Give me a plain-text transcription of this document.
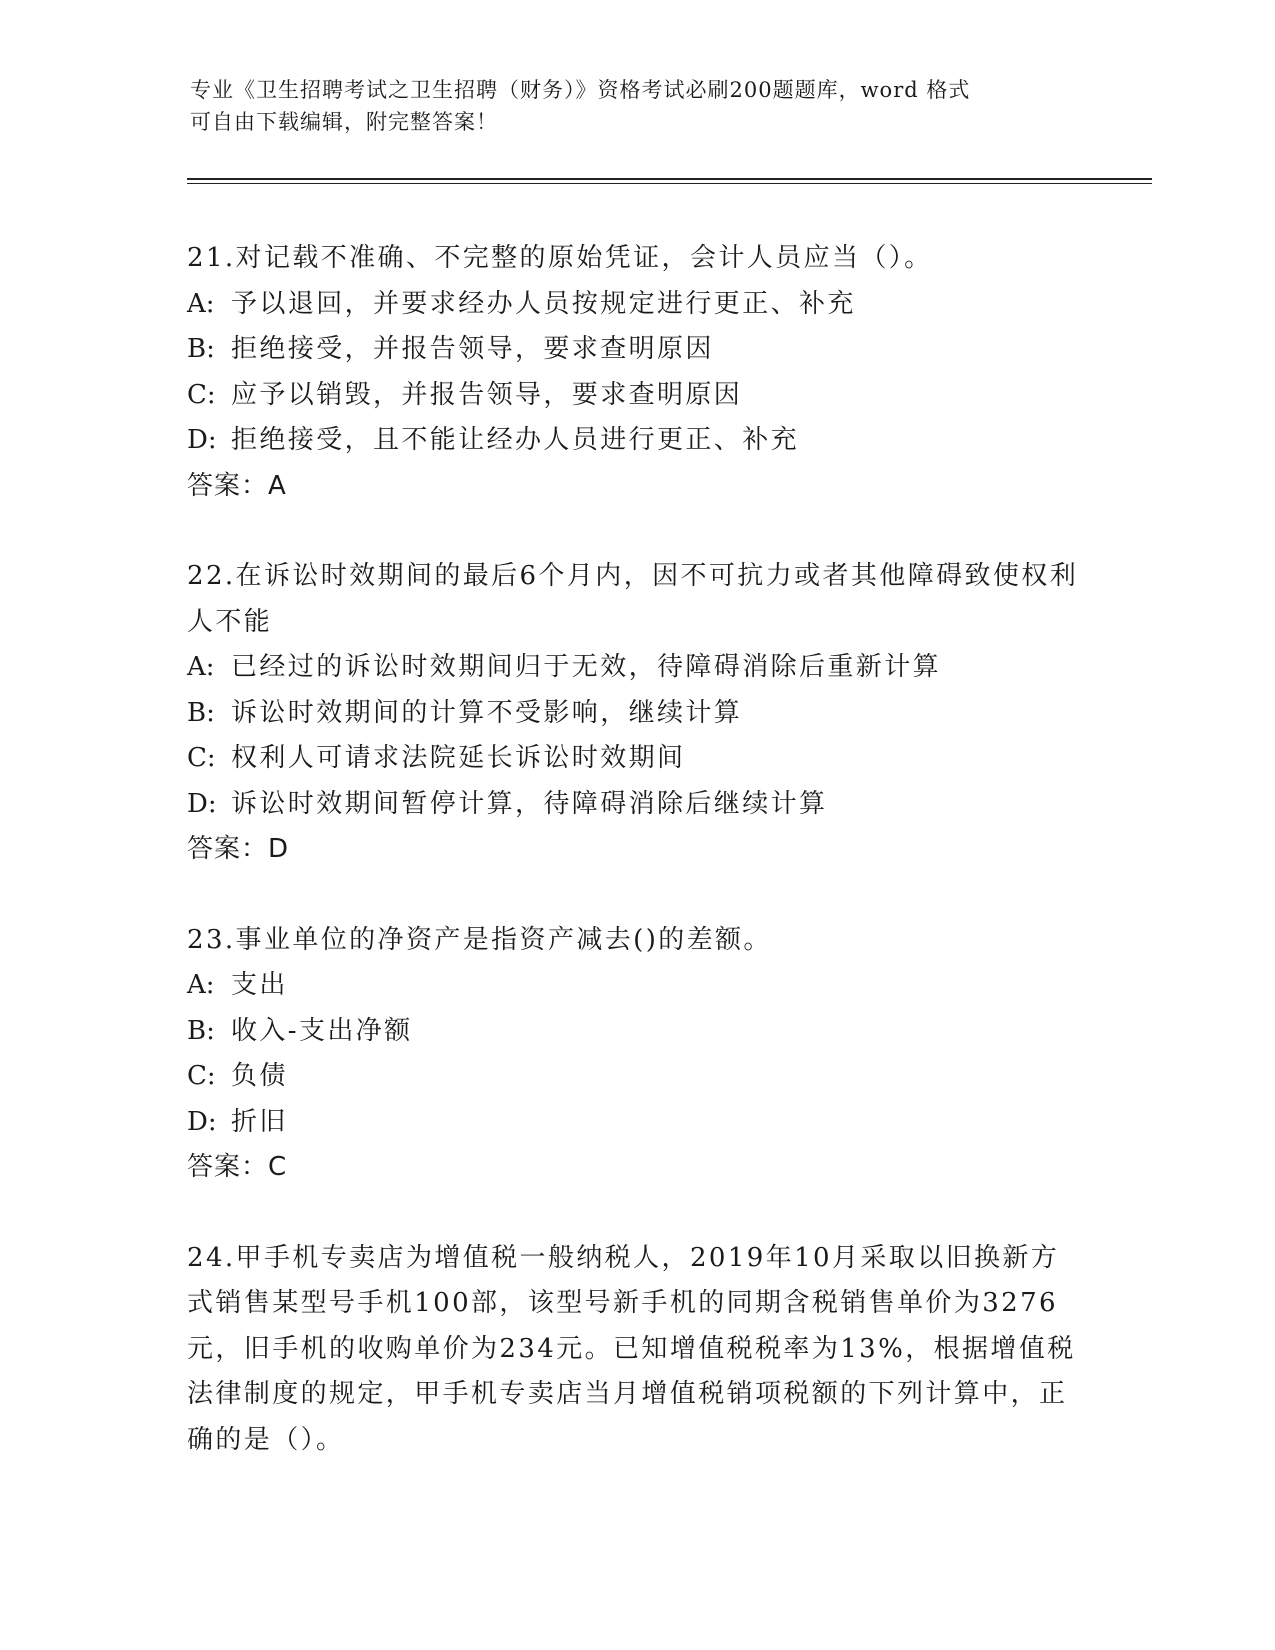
专业《卫生招聘考试之卫生招聘（财务）》资格考试必刷200题题库，word 格式
可自由下载编辑，附完整答案！

21.对记载不准确、不完整的原始凭证，会计人员应当（）。

A: 予以退回，并要求经办人员按规定进行更正、补充

B: 拒绝接受，并报告领导，要求查明原因

C: 应予以销毁，并报告领导，要求查明原因

D: 拒绝接受，且不能让经办人员进行更正、补充

答案：A

22.在诉讼时效期间的最后6个月内，因不可抗力或者其他障碍致使权利人不能

A: 已经过的诉讼时效期间归于无效，待障碍消除后重新计算

B: 诉讼时效期间的计算不受影响，继续计算

C: 权利人可请求法院延长诉讼时效期间

D: 诉讼时效期间暂停计算，待障碍消除后继续计算

答案：D

23.事业单位的净资产是指资产减去()的差额。

A: 支出

B: 收入-支出净额

C: 负债

D: 折旧

答案：C

24.甲手机专卖店为增值税一般纳税人，2019年10月采取以旧换新方式销售某型号手机100部，该型号新手机的同期含税销售单价为3276元，旧手机的收购单价为234元。已知增值税税率为13%，根据增值税法律制度的规定，甲手机专卖店当月增值税销项税额的下列计算中，正确的是（）。
